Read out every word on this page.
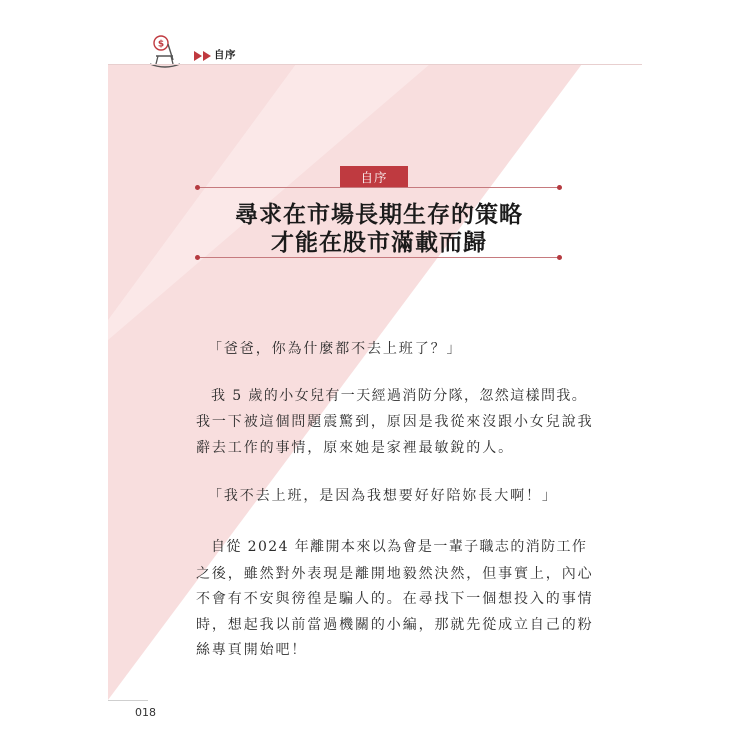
$
自序
自序
尋求在市場長期生存的策略
才能在股市滿載而歸
「爸爸，你為什麼都不去上班了？」
我 5 歲的小女兒有一天經過消防分隊，忽然這樣問我。
我一下被這個問題震驚到，原因是我從來沒跟小女兒說我
辭去工作的事情，原來她是家裡最敏銳的人。
「我不去上班，是因為我想要好好陪妳長大啊！」
自從 2024 年離開本來以為會是一輩子職志的消防工作
之後，雖然對外表現是離開地毅然決然，但事實上，內心
不會有不安與徬徨是騙人的。在尋找下一個想投入的事情
時，想起我以前當過機關的小編，那就先從成立自己的粉
絲專頁開始吧！
018
